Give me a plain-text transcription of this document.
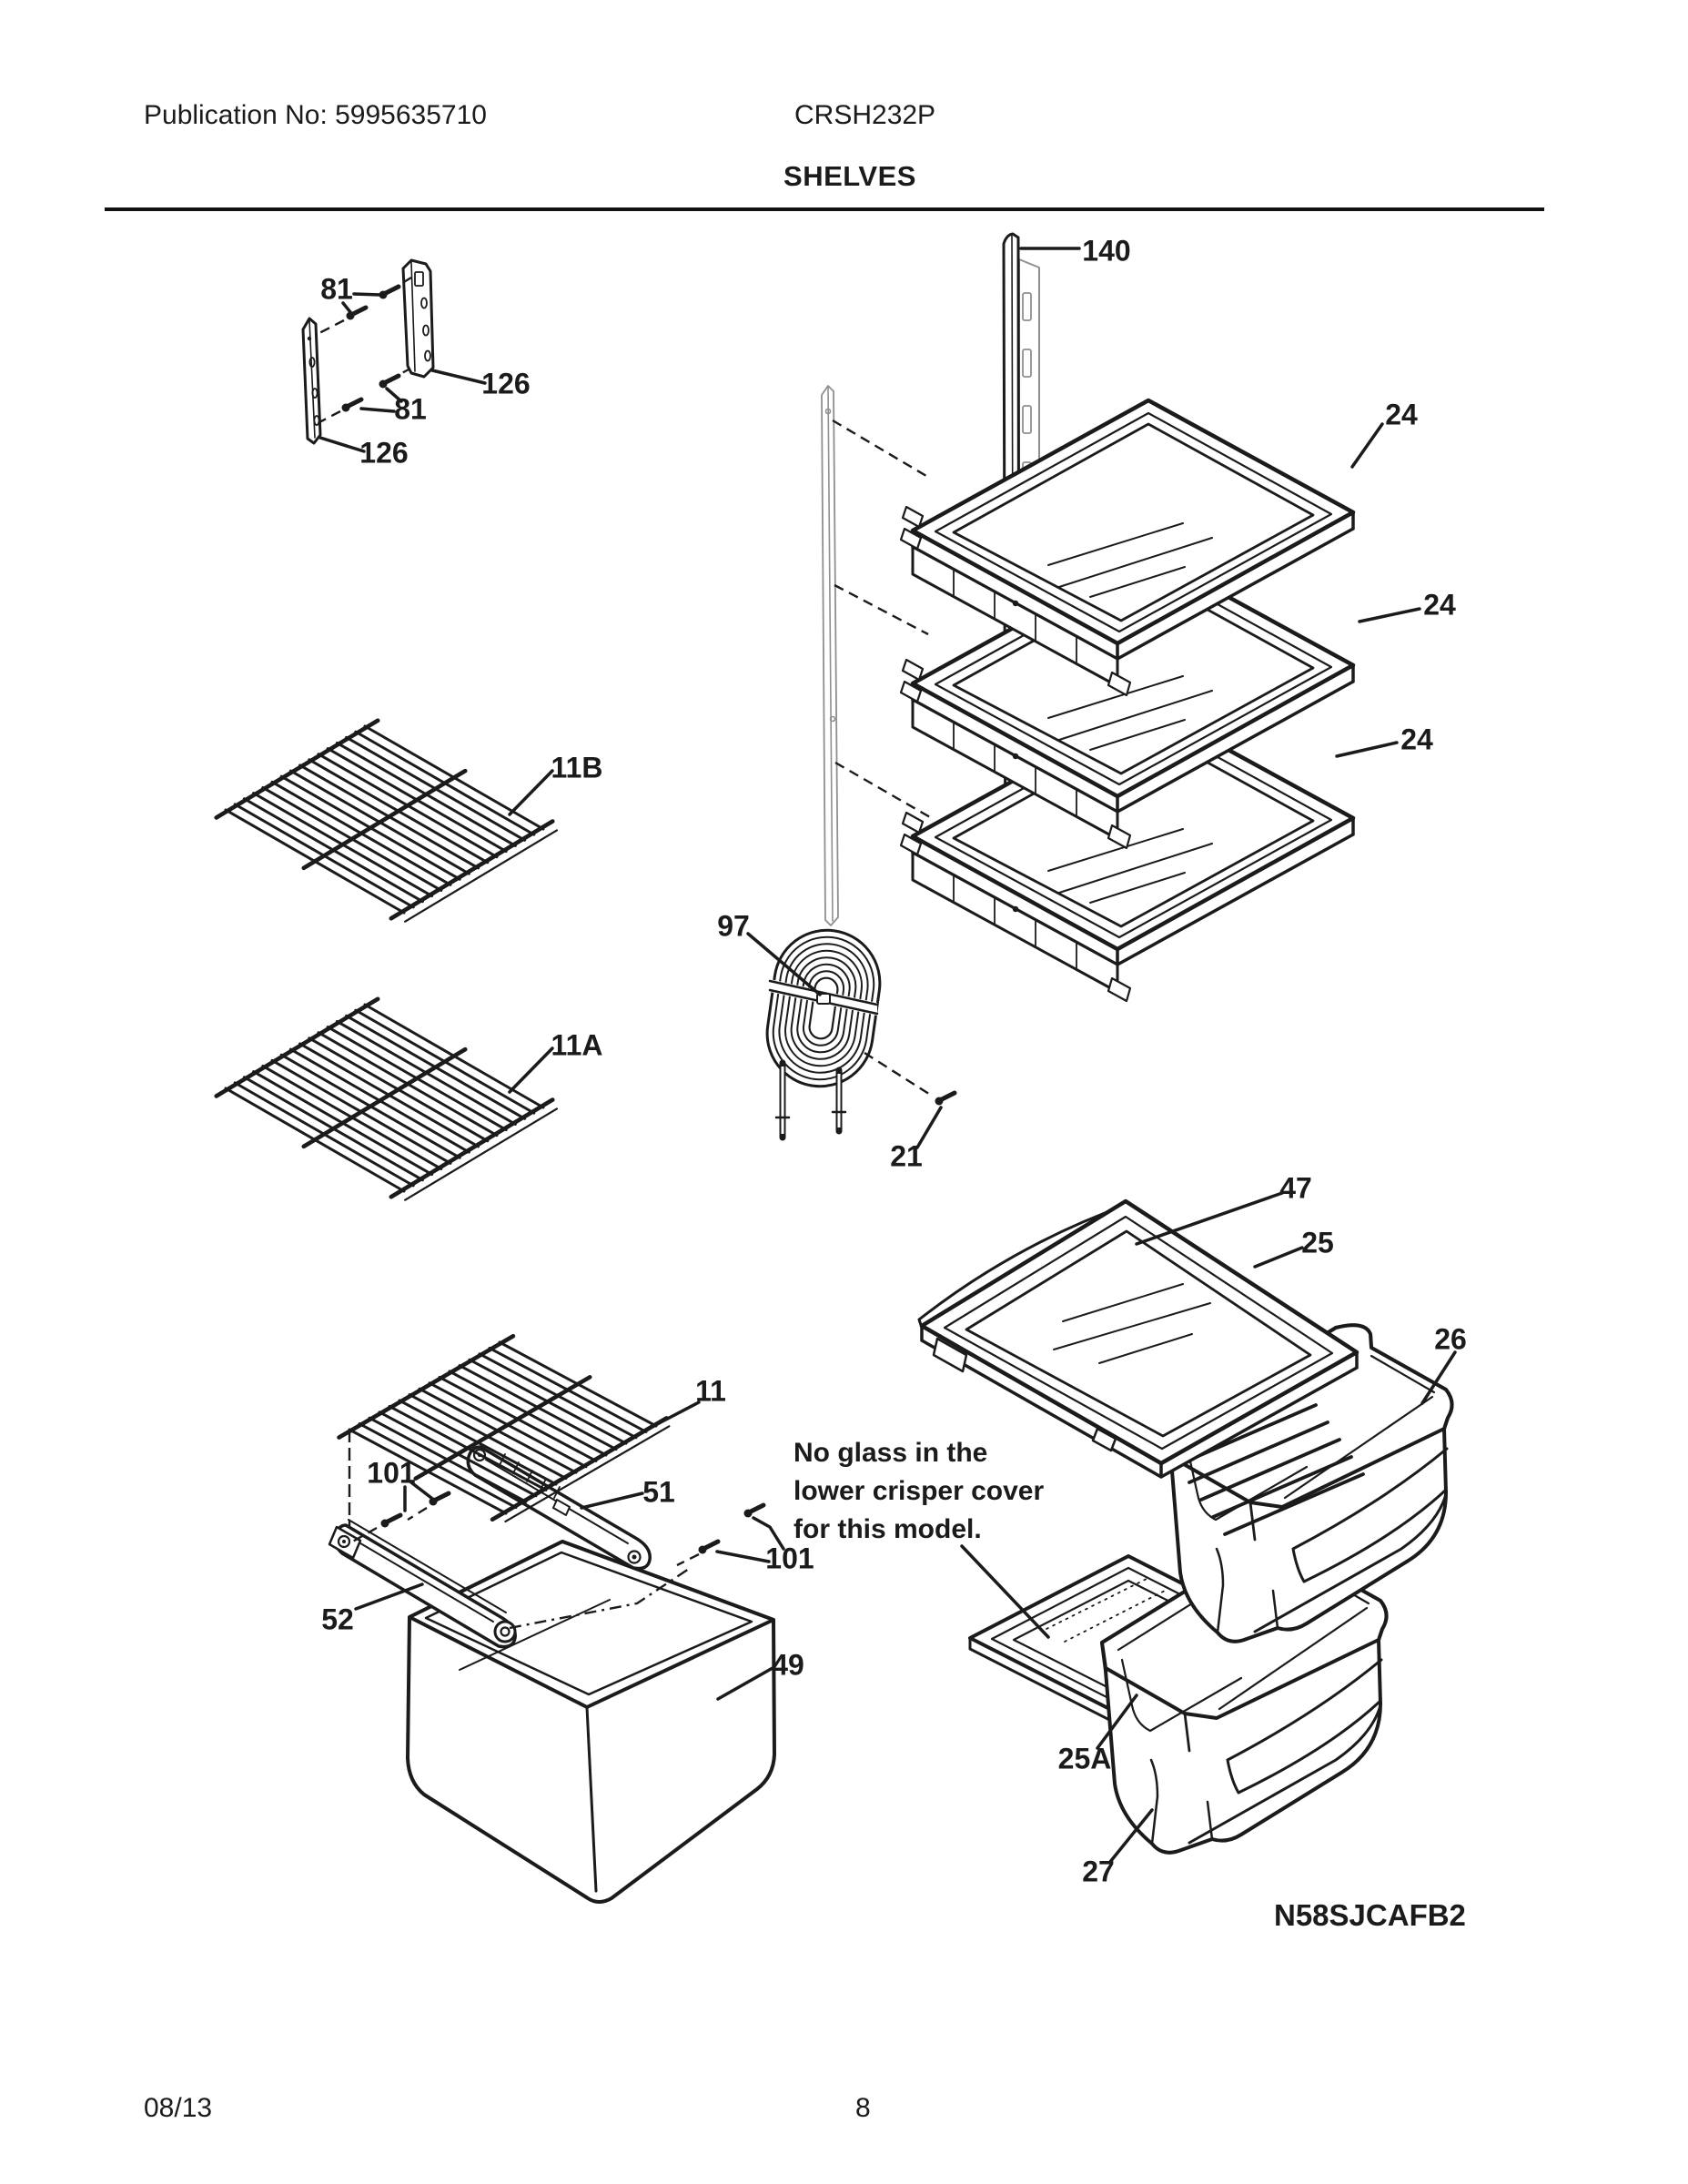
Publication No: 5995635710	CRSH232P
SHELVES
81
126
81
126
140
24
24
24
11B
11A
97
21
11
101
51
101
52
49
47
25
26
25A
27
No glass in the
lower crisper cover
for this model.
N58SJCAFB2
08/13	8
